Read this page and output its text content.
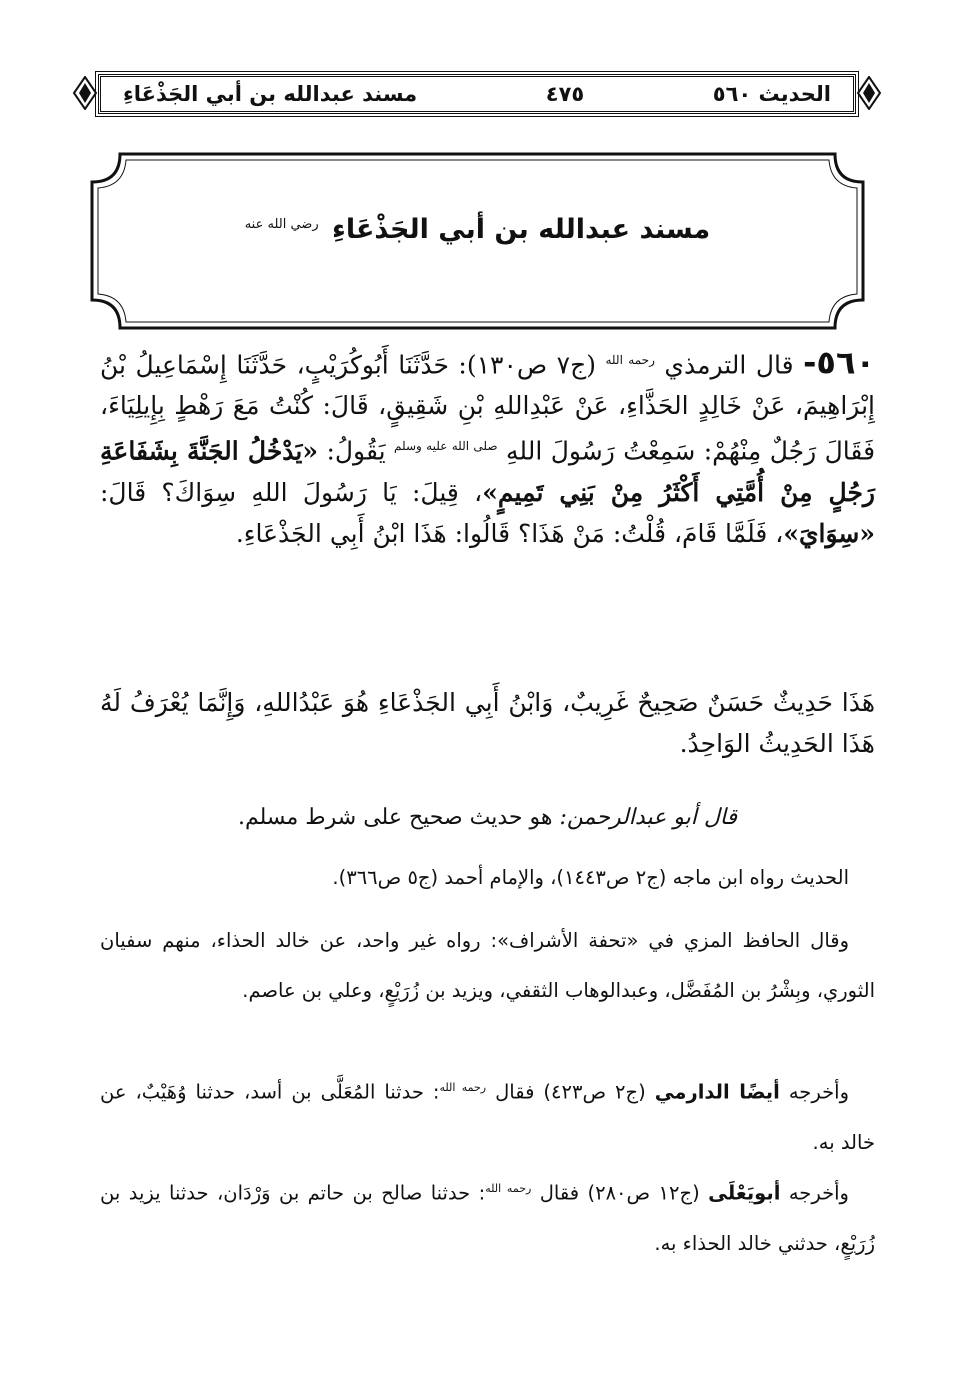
مسند عبدالله بن أبي الجَذْعَاءِ	٤٧٥	الحديث ٥٦٠
مسند عبدالله بن أبي الجَذْعَاءِ $^{رضي الله عنه}$
٥٦٠- قال الترمذي $^{رحمه الله}$ (ج٧ ص١٣٠): حَدَّثَنَا أَبُوكُرَيْبٍ، حَدَّثَنَا إِسْمَاعِيلُ بْنُ إِبْرَاهِيمَ، عَنْ خَالِدٍ الحَذَّاءِ، عَنْ عَبْدِاللهِ بْنِ شَقِيقٍ، قَالَ: كُنْتُ مَعَ رَهْطٍ بِإِيلِيَاءَ، فَقَالَ رَجُلٌ مِنْهُمْ: سَمِعْتُ رَسُولَ اللهِ $^{صلى الله عليه وسلم}$ يَقُولُ: «يَدْخُلُ الجَنَّةَ بِشَفَاعَةِ رَجُلٍ مِنْ أُمَّتِي أَكْثَرُ مِنْ بَنِي تَمِيمٍ»، قِيلَ: يَا رَسُولَ اللهِ سِوَاكَ؟ قَالَ: «سِوَايَ»، فَلَمَّا قَامَ، قُلْتُ: مَنْ هَذَا؟ قَالُوا: هَذَا ابْنُ أَبِي الجَذْعَاءِ.
هَذَا حَدِيثٌ حَسَنٌ صَحِيحٌ غَرِيبٌ، وَابْنُ أَبِي الجَذْعَاءِ هُوَ عَبْدُاللهِ، وَإِنَّمَا يُعْرَفُ لَهُ هَذَا الحَدِيثُ الوَاحِدُ.
قال أبو عبدالرحمن: هو حديث صحيح على شرط مسلم.

الحديث رواه ابن ماجه (ج٢ ص١٤٤٣)، والإمام أحمد (ج٥ ص٣٦٦).

وقال الحافظ المزي في «تحفة الأشراف»: رواه غير واحد، عن خالد الحذاء، منهم سفيان الثوري، وبِشْرُ بن المُفَضَّل، وعبدالوهاب الثقفي، ويزيد بن زُرَيْعٍ، وعلي بن عاصم.

وأخرجه أيضًا الدارمي (ج٢ ص٤٢٣) فقال $^{رحمه الله}$: حدثنا المُعَلَّى بن أسد، حدثنا وُهَيْبٌ، عن خالد به.

وأخرجه أبويَعْلَى (ج١٢ ص٢٨٠) فقال $^{رحمه الله}$: حدثنا صالح بن حاتم بن وَرْدَان، حدثنا يزيد بن زُرَيْعٍ، حدثني خالد الحذاء به.
